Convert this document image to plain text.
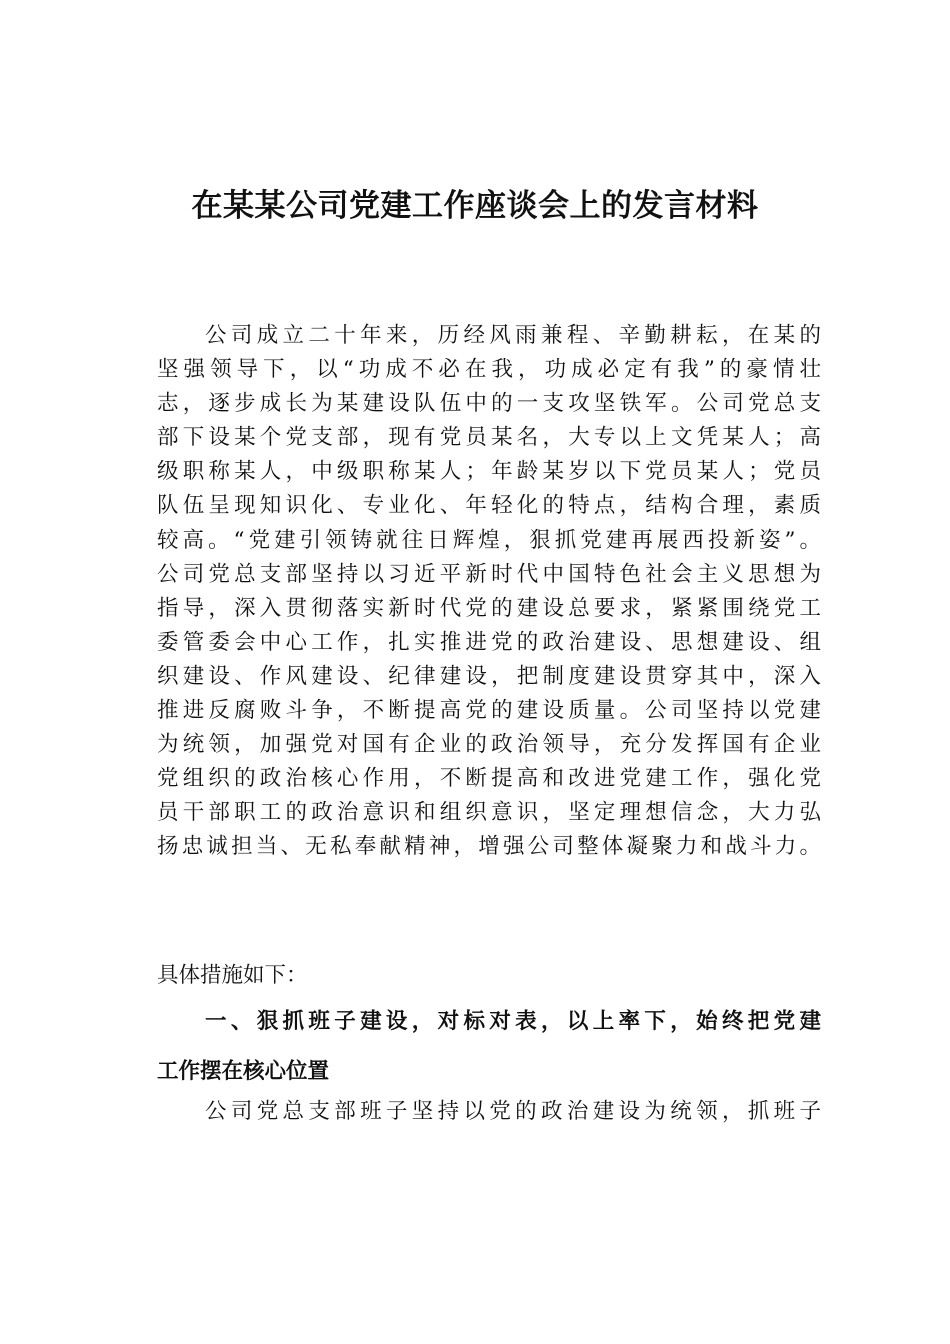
在某某公司党建工作座谈会上的发言材料
公司成立二十年来，历经风雨兼程、辛勤耕耘，在某的
坚强领导下，以“功成不必在我，功成必定有我”的豪情壮
志，逐步成长为某建设队伍中的一支攻坚铁军。公司党总支
部下设某个党支部，现有党员某名，大专以上文凭某人；高
级职称某人，中级职称某人；年龄某岁以下党员某人；党员
队伍呈现知识化、专业化、年轻化的特点，结构合理，素质
较高。“党建引领铸就往日辉煌，狠抓党建再展西投新姿”。
公司党总支部坚持以习近平新时代中国特色社会主义思想为
指导，深入贯彻落实新时代党的建设总要求，紧紧围绕党工
委管委会中心工作，扎实推进党的政治建设、思想建设、组
织建设、作风建设、纪律建设，把制度建设贯穿其中，深入
推进反腐败斗争，不断提高党的建设质量。公司坚持以党建
为统领，加强党对国有企业的政治领导，充分发挥国有企业
党组织的政治核心作用，不断提高和改进党建工作，强化党
员干部职工的政治意识和组织意识，坚定理想信念，大力弘
扬忠诚担当、无私奉献精神，增强公司整体凝聚力和战斗力。
具体措施如下：
一、狠抓班子建设，对标对表，以上率下，始终把党建
工作摆在核心位置
公司党总支部班子坚持以党的政治建设为统领，抓班子
